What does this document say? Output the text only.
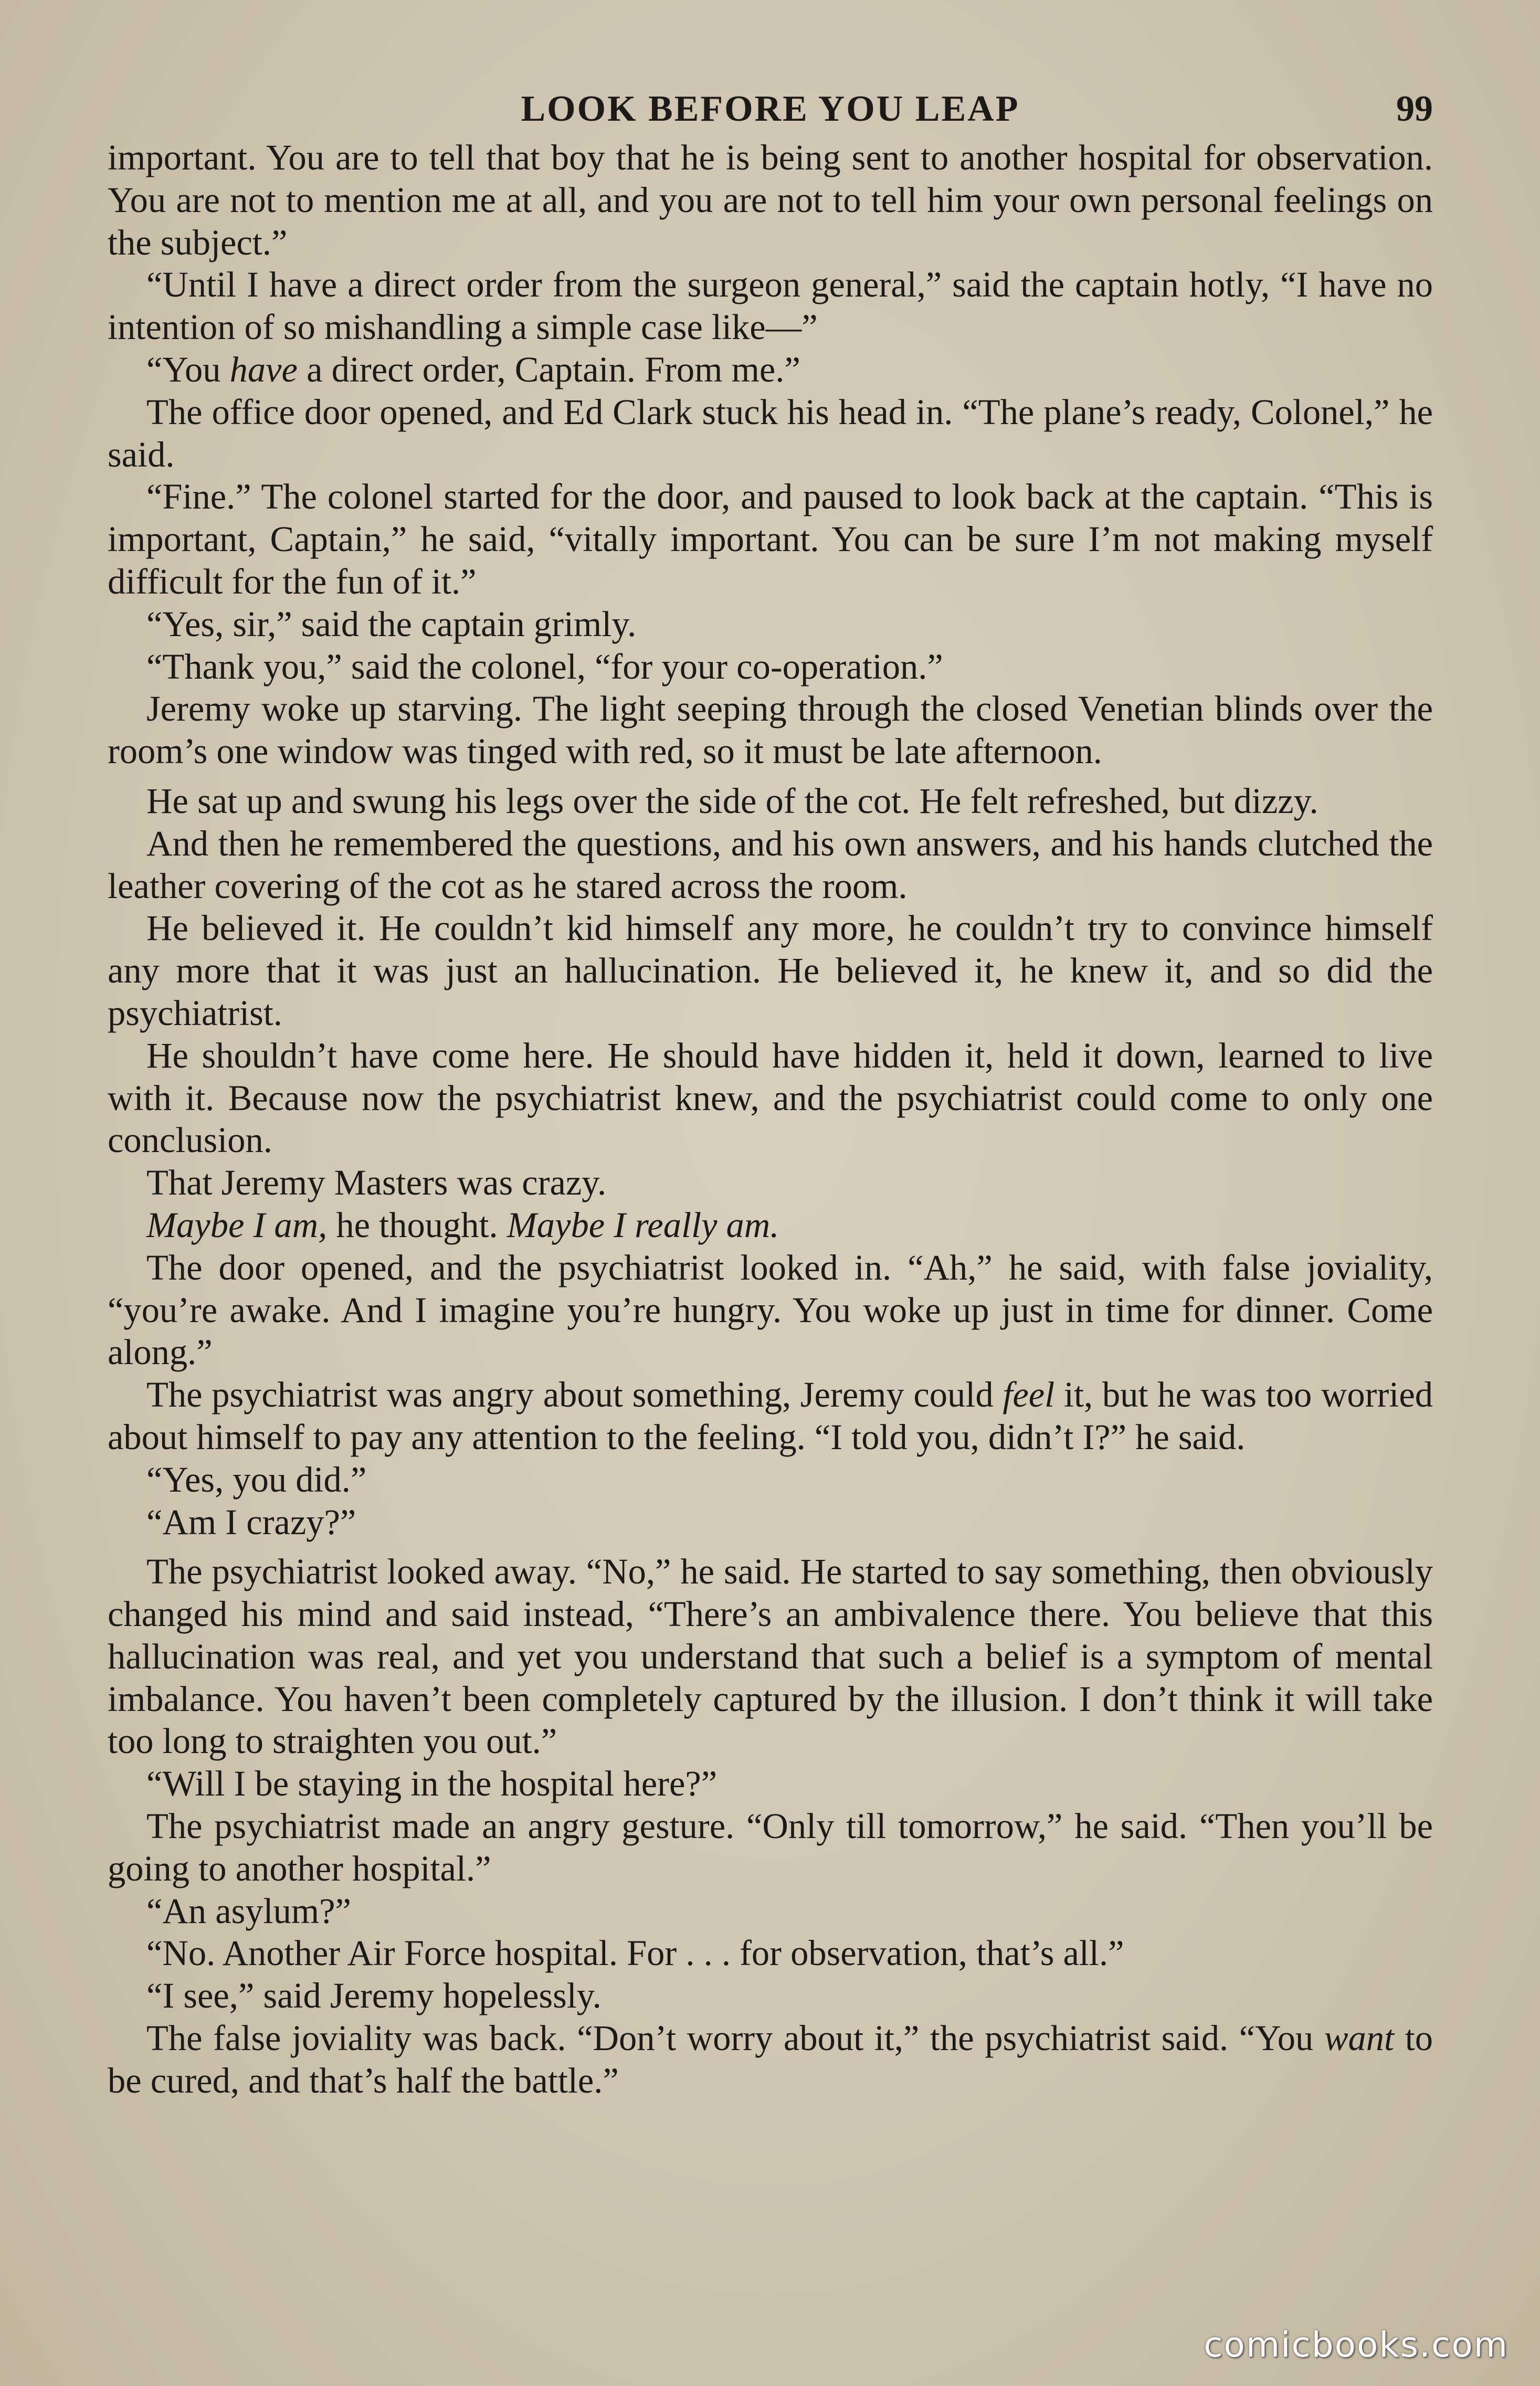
LOOK BEFORE YOU LEAP	99

important. You are to tell that boy that he is being sent to another hospital for observation. You are not to mention me at all, and you are not to tell him your own personal feelings on the subject.”

“Until I have a direct order from the surgeon general,” said the captain hotly, “I have no intention of so mishandling a simple case like—”

“You have a direct order, Captain. From me.”

The office door opened, and Ed Clark stuck his head in. “The plane’s ready, Colonel,” he said.

“Fine.” The colonel started for the door, and paused to look back at the captain. “This is important, Captain,” he said, “vitally important. You can be sure I’m not making myself difficult for the fun of it.”

“Yes, sir,” said the captain grimly.

“Thank you,” said the colonel, “for your co-operation.”

Jeremy woke up starving. The light seeping through the closed Venetian blinds over the room’s one window was tinged with red, so it must be late afternoon.

He sat up and swung his legs over the side of the cot. He felt refreshed, but dizzy.

And then he remembered the questions, and his own answers, and his hands clutched the leather covering of the cot as he stared across the room.

He believed it. He couldn’t kid himself any more, he couldn’t try to convince himself any more that it was just an hallucination. He believed it, he knew it, and so did the psychiatrist.

He shouldn’t have come here. He should have hidden it, held it down, learned to live with it. Because now the psychiatrist knew, and the psychiatrist could come to only one conclusion.

That Jeremy Masters was crazy.

Maybe I am, he thought. Maybe I really am.

The door opened, and the psychiatrist looked in. “Ah,” he said, with false joviality, “you’re awake. And I imagine you’re hungry. You woke up just in time for dinner. Come along.”

The psychiatrist was angry about something, Jeremy could feel it, but he was too worried about himself to pay any attention to the feeling. “I told you, didn’t I?” he said.

“Yes, you did.”

“Am I crazy?”

The psychiatrist looked away. “No,” he said. He started to say something, then obviously changed his mind and said instead, “There’s an ambivalence there. You believe that this hallucination was real, and yet you understand that such a belief is a symptom of mental imbalance. You haven’t been completely captured by the illusion. I don’t think it will take too long to straighten you out.”

“Will I be staying in the hospital here?”

The psychiatrist made an angry gesture. “Only till tomorrow,” he said. “Then you’ll be going to another hospital.”

“An asylum?”

“No. Another Air Force hospital. For . . . for observation, that’s all.”

“I see,” said Jeremy hopelessly.

The false joviality was back. “Don’t worry about it,” the psychiatrist said. “You want to be cured, and that’s half the battle.”

comicbooks.com
